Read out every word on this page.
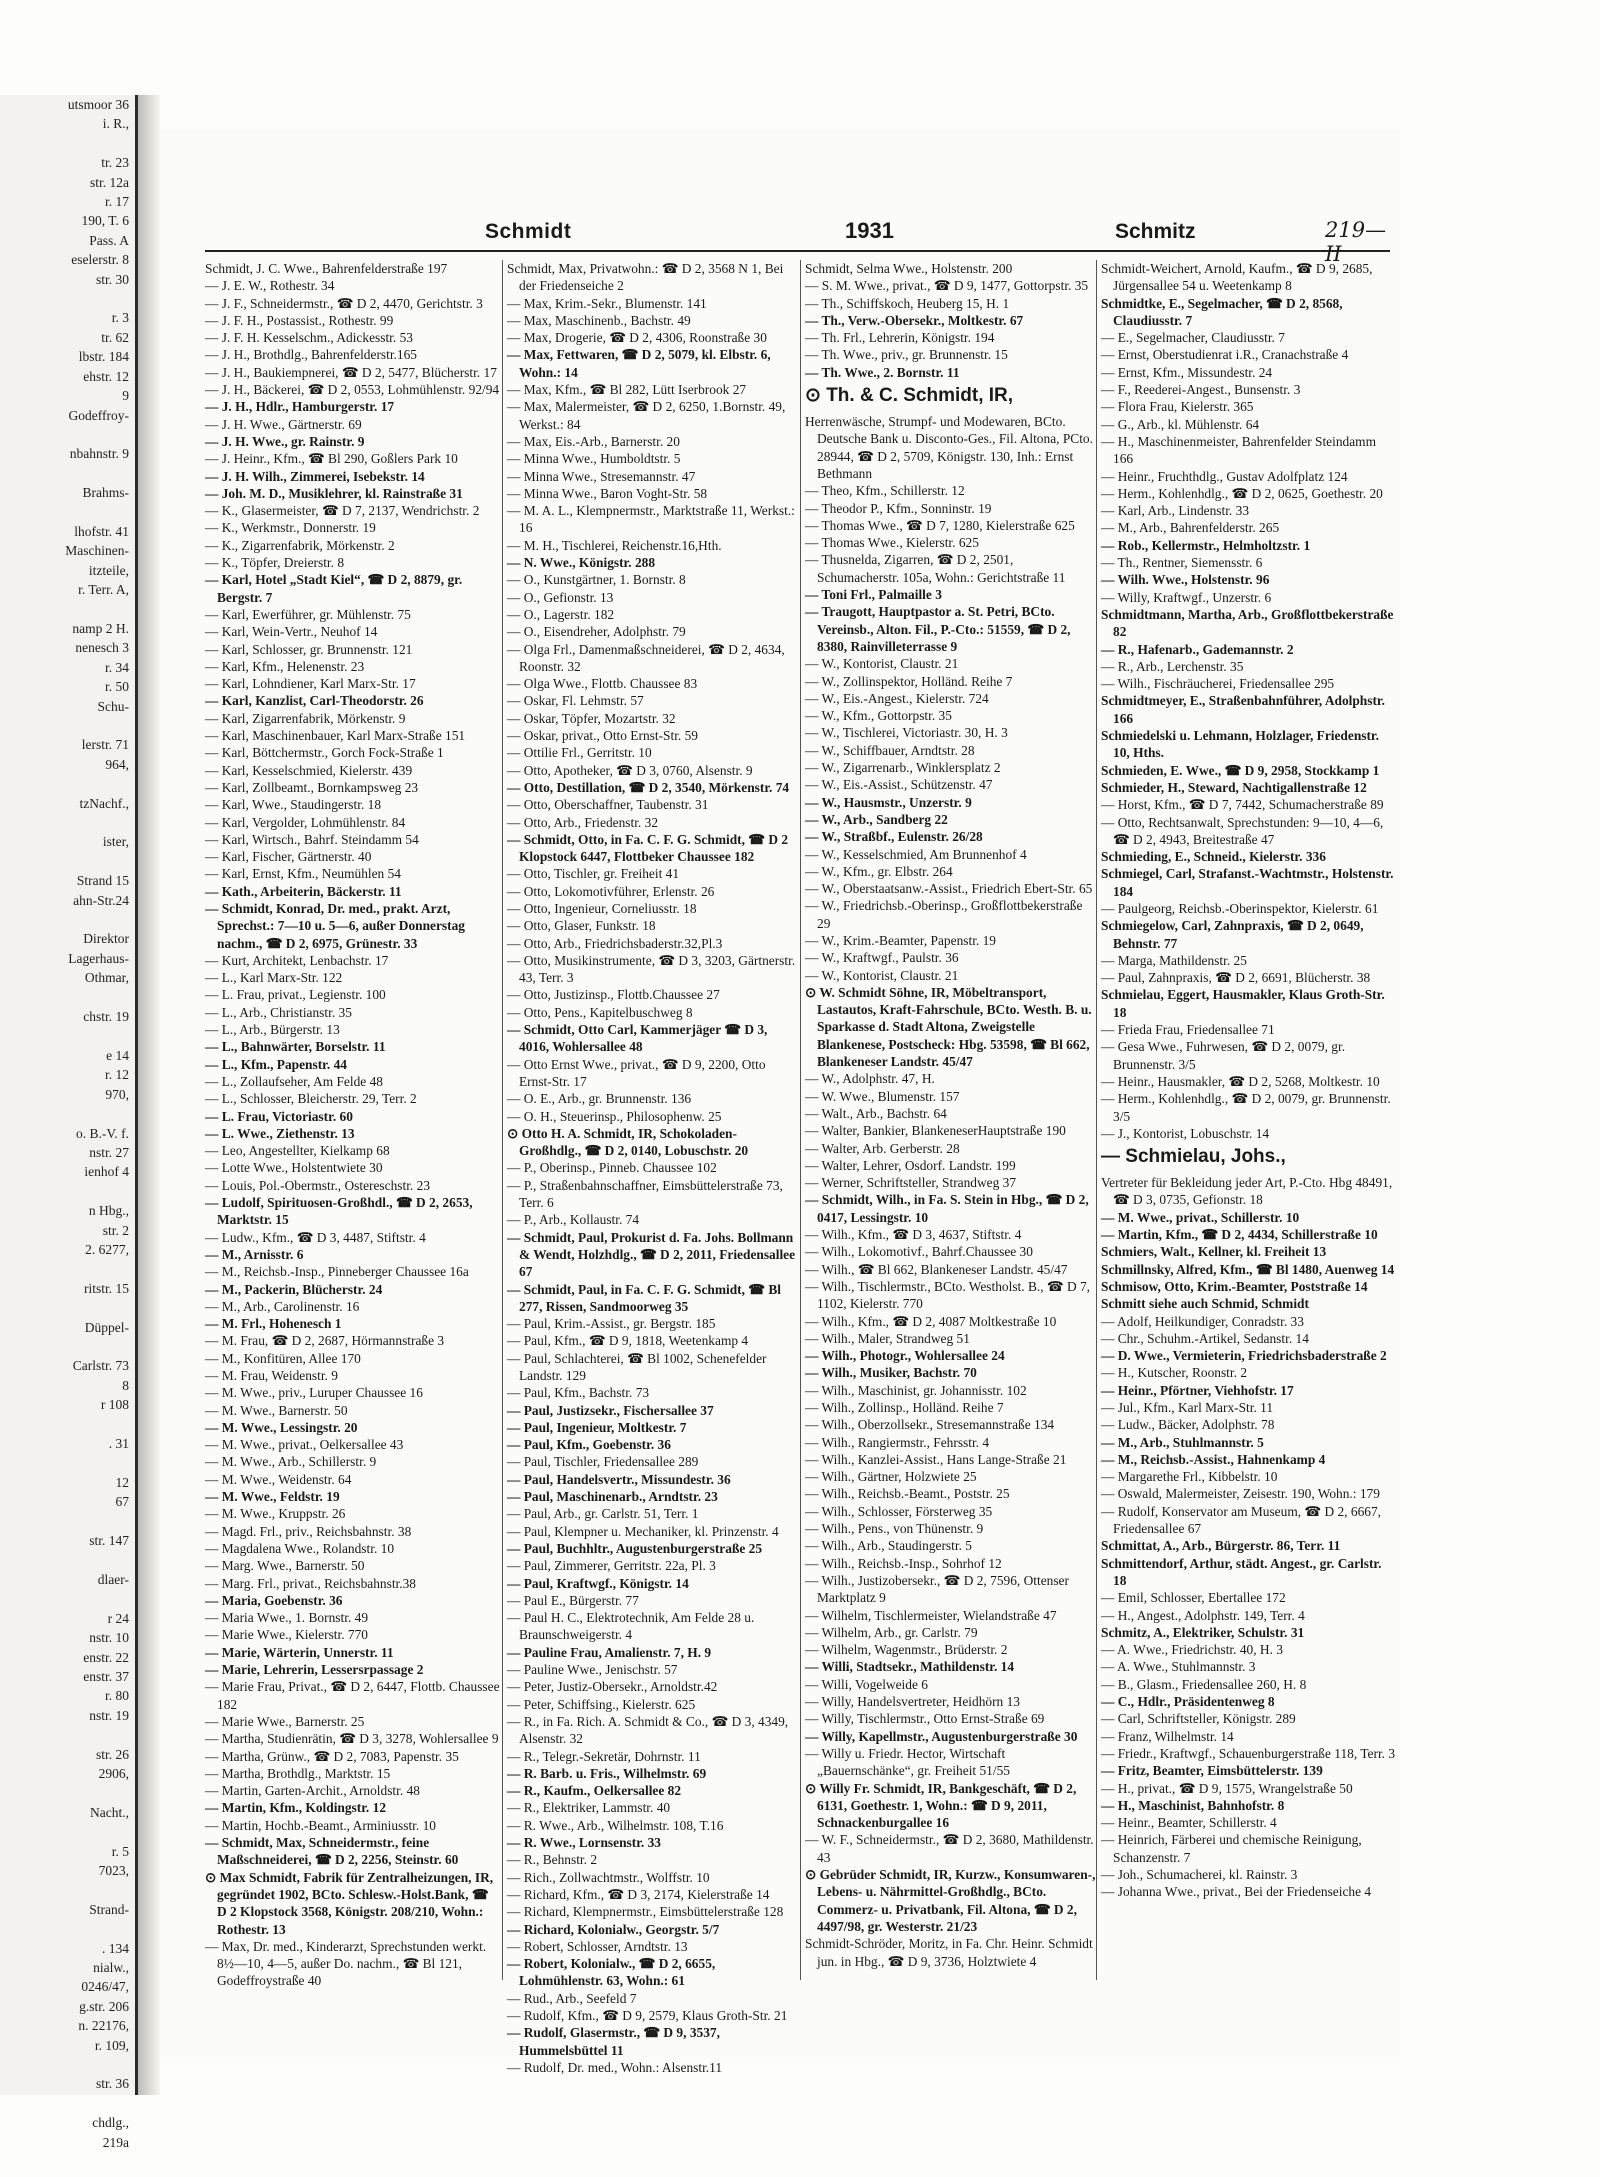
utsmoor 36
i. R.,

tr. 23
str. 12a
r. 17
190, T. 6
Pass. A
eselerstr. 8
str. 30

r. 3
tr. 62
lbstr. 184
ehstr. 12
9
Godeffroy-

nbahnstr. 9

Brahms-

lhofstr. 41
Maschinen-
itzteile,
r. Terr. A,

namp 2 H.
nenesch 3
r. 34
r. 50
Schu-

lerstr. 71
964,

tzNachf.,

ister,

Strand 15
ahn-Str.24

Direktor
Lagerhaus-
Othmar,

chstr. 19

e 14
r. 12
970,

o. B.-V. f.
nstr. 27
ienhof 4

n Hbg.,
str. 2
2. 6277,

ritstr. 15

Düppel-

Carlstr. 73
8
r 108

. 31

12
67

str. 147

dlaer-

r 24
nstr. 10
enstr. 22
enstr. 37
r. 80
nstr. 19

str. 26
2906,

Nacht.,

r. 5
7023,

Strand-

. 134
nialw.,
0246/47,
g.str. 206
n. 22176,
r. 109,

str. 36

chdlg.,
219a
Schmidt	1931	Schmitz	219—II
Schmidt, J. C. Wwe., Bahrenfelderstraße 197
— J. E. W., Rothestr. 34
— J. F., Schneidermstr., ☎ D 2, 4470, Gerichtstr. 3
— J. F. H., Postassist., Rothestr. 99
— J. F. H. Kesselschm., Adickesstr. 53
— J. H., Brothdlg., Bahrenfelderstr.165
— J. H., Baukiempnerei, ☎ D 2, 5477, Blücherstr. 17
— J. H., Bäckerei, ☎ D 2, 0553, Lohmühlenstr. 92/94
— J. H., Hdlr., Hamburgerstr. 17
— J. H. Wwe., Gärtnerstr. 69
— J. H. Wwe., gr. Rainstr. 9
— J. Heinr., Kfm., ☎ Bl 290, Goßlers Park 10
— J. H. Wilh., Zimmerei, Isebekstr. 14
— Joh. M. D., Musiklehrer, kl. Rainstraße 31
— K., Glasermeister, ☎ D 7, 2137, Wendrichstr. 2
— K., Werkmstr., Donnerstr. 19
— K., Zigarrenfabrik, Mörkenstr. 2
— K., Töpfer, Dreierstr. 8
— Karl, Hotel „Stadt Kiel“, ☎ D 2, 8879, gr. Bergstr. 7
— Karl, Ewerführer, gr. Mühlenstr. 75
— Karl, Wein-Vertr., Neuhof 14
— Karl, Schlosser, gr. Brunnenstr. 121
— Karl, Kfm., Helenenstr. 23
— Karl, Lohndiener, Karl Marx-Str. 17
— Karl, Kanzlist, Carl-Theodorstr. 26
— Karl, Zigarrenfabrik, Mörkenstr. 9
— Karl, Maschinenbauer, Karl Marx-Straße 151
— Karl, Böttchermstr., Gorch Fock-Straße 1
— Karl, Kesselschmied, Kielerstr. 439
— Karl, Zollbeamt., Bornkampsweg 23
— Karl, Wwe., Staudingerstr. 18
— Karl, Vergolder, Lohmühlenstr. 84
— Karl, Wirtsch., Bahrf. Steindamm 54
— Karl, Fischer, Gärtnerstr. 40
— Karl, Ernst, Kfm., Neumühlen 54
— Kath., Arbeiterin, Bäckerstr. 11
— Schmidt, Konrad, Dr. med., prakt. Arzt, Sprechst.: 7—10 u. 5—6, außer Donnerstag nachm., ☎ D 2, 6975, Grünestr. 33
— Kurt, Architekt, Lenbachstr. 17
— L., Karl Marx-Str. 122
— L. Frau, privat., Legienstr. 100
— L., Arb., Christianstr. 35
— L., Arb., Bürgerstr. 13
— L., Bahnwärter, Borselstr. 11
— L., Kfm., Papenstr. 44
— L., Zollaufseher, Am Felde 48
— L., Schlosser, Bleicherstr. 29, Terr. 2
— L. Frau, Victoriastr. 60
— L. Wwe., Ziethenstr. 13
— Leo, Angestellter, Kielkamp 68
— Lotte Wwe., Holstentwiete 30
— Louis, Pol.-Obermstr., Ostereschstr. 23
— Ludolf, Spirituosen-Großhdl., ☎ D 2, 2653, Marktstr. 15
— Ludw., Kfm., ☎ D 3, 4487, Stiftstr. 4
— M., Arnisstr. 6
— M., Reichsb.-Insp., Pinneberger Chaussee 16a
— M., Packerin, Blücherstr. 24
— M., Arb., Carolinenstr. 16
— M. Frl., Hohenesch 1
— M. Frau, ☎ D 2, 2687, Hörmannstraße 3
— M., Konfitüren, Allee 170
— M. Frau, Weidenstr. 9
— M. Wwe., priv., Luruper Chaussee 16
— M. Wwe., Barnerstr. 50
— M. Wwe., Lessingstr. 20
— M. Wwe., privat., Oelkersallee 43
— M. Wwe., Arb., Schillerstr. 9
— M. Wwe., Weidenstr. 64
— M. Wwe., Feldstr. 19
— M. Wwe., Kruppstr. 26
— Magd. Frl., priv., Reichsbahnstr. 38
— Magdalena Wwe., Rolandstr. 10
— Marg. Wwe., Barnerstr. 50
— Marg. Frl., privat., Reichsbahnstr.38
— Maria, Goebenstr. 36
— Maria Wwe., 1. Bornstr. 49
— Marie Wwe., Kielerstr. 770
— Marie, Wärterin, Unnerstr. 11
— Marie, Lehrerin, Lessersrpassage 2
— Marie Frau, Privat., ☎ D 2, 6447, Flottb. Chaussee 182
— Marie Wwe., Barnerstr. 25
— Martha, Studienrätin, ☎ D 3, 3278, Wohlersallee 9
— Martha, Grünw., ☎ D 2, 7083, Papenstr. 35
— Martha, Brothdlg., Marktstr. 15
— Martin, Garten-Archit., Arnoldstr. 48
— Martin, Kfm., Koldingstr. 12
— Martin, Hochb.-Beamt., Arminiusstr. 10
— Schmidt, Max, Schneidermstr., feine Maßschneiderei, ☎ D 2, 2256, Steinstr. 60
⊙ Max Schmidt, Fabrik für Zentralheizungen, IR, gegründet 1902, BCto. Schlesw.-Holst.Bank, ☎ D 2 Klopstock 3568, Königstr. 208/210, Wohn.: Rothestr. 13
— Max, Dr. med., Kinderarzt, Sprechstunden werkt. 8½—10, 4—5, außer Do. nachm., ☎ Bl 121, Godeffroystraße 40
Schmidt, Max, Privatwohn.: ☎ D 2, 3568 N 1, Bei der Friedenseiche 2
— Max, Krim.-Sekr., Blumenstr. 141
— Max, Maschinenb., Bachstr. 49
— Max, Drogerie, ☎ D 2, 4306, Roonstraße 30
— Max, Fettwaren, ☎ D 2, 5079, kl. Elbstr. 6, Wohn.: 14
— Max, Kfm., ☎ Bl 282, Lütt Iserbrook 27
— Max, Malermeister, ☎ D 2, 6250, 1.Bornstr. 49, Werkst.: 84
— Max, Eis.-Arb., Barnerstr. 20
— Minna Wwe., Humboldtstr. 5
— Minna Wwe., Stresemannstr. 47
— Minna Wwe., Baron Voght-Str. 58
— M. A. L., Klempnermstr., Marktstraße 11, Werkst.: 16
— M. H., Tischlerei, Reichenstr.16,Hth.
— N. Wwe., Königstr. 288
— O., Kunstgärtner, 1. Bornstr. 8
— O., Gefionstr. 13
— O., Lagerstr. 182
— O., Eisendreher, Adolphstr. 79
— Olga Frl., Damenmaßschneiderei, ☎ D 2, 4634, Roonstr. 32
— Olga Wwe., Flottb. Chaussee 83
— Oskar, Fl. Lehmstr. 57
— Oskar, Töpfer, Mozartstr. 32
— Oskar, privat., Otto Ernst-Str. 59
— Ottilie Frl., Gerritstr. 10
— Otto, Apotheker, ☎ D 3, 0760, Alsenstr. 9
— Otto, Destillation, ☎ D 2, 3540, Mörkenstr. 74
— Otto, Oberschaffner, Taubenstr. 31
— Otto, Arb., Friedenstr. 32
— Schmidt, Otto, in Fa. C. F. G. Schmidt, ☎ D 2 Klopstock 6447, Flottbeker Chaussee 182
— Otto, Tischler, gr. Freiheit 41
— Otto, Lokomotivführer, Erlenstr. 26
— Otto, Ingenieur, Corneliusstr. 18
— Otto, Glaser, Funkstr. 18
— Otto, Arb., Friedrichsbaderstr.32,Pl.3
— Otto, Musikinstrumente, ☎ D 3, 3203, Gärtnerstr. 43, Terr. 3
— Otto, Justizinsp., Flottb.Chaussee 27
— Otto, Pens., Kapitelbuschweg 8
— Schmidt, Otto Carl, Kammerjäger ☎ D 3, 4016, Wohlersallee 48
— Otto Ernst Wwe., privat., ☎ D 9, 2200, Otto Ernst-Str. 17
— O. E., Arb., gr. Brunnenstr. 136
— O. H., Steuerinsp., Philosophenw. 25
⊙ Otto H. A. Schmidt, IR, Schokoladen-Großhdlg., ☎ D 2, 0140, Lobuschstr. 20
— P., Oberinsp., Pinneb. Chaussee 102
— P., Straßenbahnschaffner, Eimsbüttelerstraße 73, Terr. 6
— P., Arb., Kollaustr. 74
— Schmidt, Paul, Prokurist d. Fa. Johs. Bollmann & Wendt, Holzhdlg., ☎ D 2, 2011, Friedensallee 67
— Schmidt, Paul, in Fa. C. F. G. Schmidt, ☎ Bl 277, Rissen, Sandmoorweg 35
— Paul, Krim.-Assist., gr. Bergstr. 185
— Paul, Kfm., ☎ D 9, 1818, Weetenkamp 4
— Paul, Schlachterei, ☎ Bl 1002, Schenefelder Landstr. 129
— Paul, Kfm., Bachstr. 73
— Paul, Justizsekr., Fischersallee 37
— Paul, Ingenieur, Moltkestr. 7
— Paul, Kfm., Goebenstr. 36
— Paul, Tischler, Friedensallee 289
— Paul, Handelsvertr., Missundestr. 36
— Paul, Maschinenarb., Arndtstr. 23
— Paul, Arb., gr. Carlstr. 51, Terr. 1
— Paul, Klempner u. Mechaniker, kl. Prinzenstr. 4
— Paul, Buchhltr., Augustenburgerstraße 25
— Paul, Zimmerer, Gerritstr. 22a, Pl. 3
— Paul, Kraftwgf., Königstr. 14
— Paul E., Bürgerstr. 77
— Paul H. C., Elektrotechnik, Am Felde 28 u. Braunschweigerstr. 4
— Pauline Frau, Amalienstr. 7, H. 9
— Pauline Wwe., Jenischstr. 57
— Peter, Justiz-Obersekr., Arnoldstr.42
— Peter, Schiffsing., Kielerstr. 625
— R., in Fa. Rich. A. Schmidt & Co., ☎ D 3, 4349, Alsenstr. 32
— R., Telegr.-Sekretär, Dohrnstr. 11
— R. Barb. u. Fris., Wilhelmstr. 69
— R., Kaufm., Oelkersallee 82
— R., Elektriker, Lammstr. 40
— R. Wwe., Arb., Wilhelmstr. 108, T.16
— R. Wwe., Lornsenstr. 33
— R., Behnstr. 2
— Rich., Zollwachtmstr., Wolffstr. 10
— Richard, Kfm., ☎ D 3, 2174, Kielerstraße 14
— Richard, Klempnermstr., Eimsbüttelerstraße 128
— Richard, Kolonialw., Georgstr. 5/7
— Robert, Schlosser, Arndtstr. 13
— Robert, Kolonialw., ☎ D 2, 6655, Lohmühlenstr. 63, Wohn.: 61
— Rud., Arb., Seefeld 7
— Rudolf, Kfm., ☎ D 9, 2579, Klaus Groth-Str. 21
— Rudolf, Glasermstr., ☎ D 9, 3537, Hummelsbüttel 11
— Rudolf, Dr. med., Wohn.: Alsenstr.11
Schmidt, Selma Wwe., Holstenstr. 200
— S. M. Wwe., privat., ☎ D 9, 1477, Gottorpstr. 35
— Th., Schiffskoch, Heuberg 15, H. 1
— Th., Verw.-Obersekr., Moltkestr. 67
— Th. Frl., Lehrerin, Königstr. 194
— Th. Wwe., priv., gr. Brunnenstr. 15
— Th. Wwe., 2. Bornstr. 11
⊙ Th. & C. Schmidt, IR,
Herrenwäsche, Strumpf- und Modewaren, BCto. Deutsche Bank u. Disconto-Ges., Fil. Altona, PCto. 28944, ☎ D 2, 5709, Königstr. 130, Inh.: Ernst Bethmann
— Theo, Kfm., Schillerstr. 12
— Theodor P., Kfm., Sonninstr. 19
— Thomas Wwe., ☎ D 7, 1280, Kielerstraße 625
— Thomas Wwe., Kielerstr. 625
— Thusnelda, Zigarren, ☎ D 2, 2501, Schumacherstr. 105a, Wohn.: Gerichtstraße 11
— Toni Frl., Palmaille 3
— Traugott, Hauptpastor a. St. Petri, BCto. Vereinsb., Alton. Fil., P.-Cto.: 51559, ☎ D 2, 8380, Rainvilleterrasse 9
— W., Kontorist, Claustr. 21
— W., Zollinspektor, Holländ. Reihe 7
— W., Eis.-Angest., Kielerstr. 724
— W., Kfm., Gottorpstr. 35
— W., Tischlerei, Victoriastr. 30, H. 3
— W., Schiffbauer, Arndtstr. 28
— W., Zigarrenarb., Winklersplatz 2
— W., Eis.-Assist., Schützenstr. 47
— W., Hausmstr., Unzerstr. 9
— W., Arb., Sandberg 22
— W., Straßbf., Eulenstr. 26/28
— W., Kesselschmied, Am Brunnenhof 4
— W., Kfm., gr. Elbstr. 264
— W., Oberstaatsanw.-Assist., Friedrich Ebert-Str. 65
— W., Friedrichsb.-Oberinsp., Großflottbekerstraße 29
— W., Krim.-Beamter, Papenstr. 19
— W., Kraftwgf., Paulstr. 36
— W., Kontorist, Claustr. 21
⊙ W. Schmidt Söhne, IR, Möbeltransport, Lastautos, Kraft-Fahrschule, BCto. Westh. B. u. Sparkasse d. Stadt Altona, Zweigstelle Blankenese, Postscheck: Hbg. 53598, ☎ Bl 662, Blankeneser Landstr. 45/47
— W., Adolphstr. 47, H.
— W. Wwe., Blumenstr. 157
— Walt., Arb., Bachstr. 64
— Walter, Bankier, BlankeneserHauptstraße 190
— Walter, Arb. Gerberstr. 28
— Walter, Lehrer, Osdorf. Landstr. 199
— Werner, Schriftsteller, Strandweg 37
— Schmidt, Wilh., in Fa. S. Stein in Hbg., ☎ D 2, 0417, Lessingstr. 10
— Wilh., Kfm., ☎ D 3, 4637, Stiftstr. 4
— Wilh., Lokomotivf., Bahrf.Chaussee 30
— Wilh., ☎ Bl 662, Blankeneser Landstr. 45/47
— Wilh., Tischlermstr., BCto. Westholst. B., ☎ D 7, 1102, Kielerstr. 770
— Wilh., Kfm., ☎ D 2, 4087 Moltkestraße 10
— Wilh., Maler, Strandweg 51
— Wilh., Photogr., Wohlersallee 24
— Wilh., Musiker, Bachstr. 70
— Wilh., Maschinist, gr. Johannisstr. 102
— Wilh., Zollinsp., Holländ. Reihe 7
— Wilh., Oberzollsekr., Stresemannstraße 134
— Wilh., Rangiermstr., Fehrsstr. 4
— Wilh., Kanzlei-Assist., Hans Lange-Straße 21
— Wilh., Gärtner, Holzwiete 25
— Wilh., Reichsb.-Beamt., Poststr. 25
— Wilh., Schlosser, Försterweg 35
— Wilh., Pens., von Thünenstr. 9
— Wilh., Arb., Staudingerstr. 5
— Wilh., Reichsb.-Insp., Sohrhof 12
— Wilh., Justizobersekr., ☎ D 2, 7596, Ottenser Marktplatz 9
— Wilhelm, Tischlermeister, Wielandstraße 47
— Wilhelm, Arb., gr. Carlstr. 79
— Wilhelm, Wagenmstr., Brüderstr. 2
— Willi, Stadtsekr., Mathildenstr. 14
— Willi, Vogelweide 6
— Willy, Handelsvertreter, Heidhörn 13
— Willy, Tischlermstr., Otto Ernst-Straße 69
— Willy, Kapellmstr., Augustenburgerstraße 30
— Willy u. Friedr. Hector, Wirtschaft „Bauernschänke“, gr. Freiheit 51/55
⊙ Willy Fr. Schmidt, IR, Bankgeschäft, ☎ D 2, 6131, Goethestr. 1, Wohn.: ☎ D 9, 2011, Schnackenburgallee 16
— W. F., Schneidermstr., ☎ D 2, 3680, Mathildenstr. 43
⊙ Gebrüder Schmidt, IR, Kurzw., Konsumwaren-, Lebens- u. Nährmittel-Großhdlg., BCto. Commerz- u. Privatbank, Fil. Altona, ☎ D 2, 4497/98, gr. Westerstr. 21/23
Schmidt-Schröder, Moritz, in Fa. Chr. Heinr. Schmidt jun. in Hbg., ☎ D 9, 3736, Holztwiete 4
Schmidt-Weichert, Arnold, Kaufm., ☎ D 9, 2685, Jürgensallee 54 u. Weetenkamp 8
Schmidtke, E., Segelmacher, ☎ D 2, 8568, Claudiusstr. 7
— E., Segelmacher, Claudiusstr. 7
— Ernst, Oberstudienrat i.R., Cranachstraße 4
— Ernst, Kfm., Missundestr. 24
— F., Reederei-Angest., Bunsenstr. 3
— Flora Frau, Kielerstr. 365
— G., Arb., kl. Mühlenstr. 64
— H., Maschinenmeister, Bahrenfelder Steindamm 166
— Heinr., Fruchthdlg., Gustav Adolfplatz 124
— Herm., Kohlenhdlg., ☎ D 2, 0625, Goethestr. 20
— Karl, Arb., Lindenstr. 33
— M., Arb., Bahrenfelderstr. 265
— Rob., Kellermstr., Helmholtzstr. 1
— Th., Rentner, Siemensstr. 6
— Wilh. Wwe., Holstenstr. 96
— Willy, Kraftwgf., Unzerstr. 6
Schmidtmann, Martha, Arb., Großflottbekerstraße 82
— R., Hafenarb., Gademannstr. 2
— R., Arb., Lerchenstr. 35
— Wilh., Fischräucherei, Friedensallee 295
Schmidtmeyer, E., Straßenbahnführer, Adolphstr. 166
Schmiedelski u. Lehmann, Holzlager, Friedenstr. 10, Hths.
Schmieden, E. Wwe., ☎ D 9, 2958, Stockkamp 1
Schmieder, H., Steward, Nachtigallenstraße 12
— Horst, Kfm., ☎ D 7, 7442, Schumacherstraße 89
— Otto, Rechtsanwalt, Sprechstunden: 9—10, 4—6, ☎ D 2, 4943, Breitestraße 47
Schmieding, E., Schneid., Kielerstr. 336
Schmiegel, Carl, Strafanst.-Wachtmstr., Holstenstr. 184
— Paulgeorg, Reichsb.-Oberinspektor, Kielerstr. 61
Schmiegelow, Carl, Zahnpraxis, ☎ D 2, 0649, Behnstr. 77
— Marga, Mathildenstr. 25
— Paul, Zahnpraxis, ☎ D 2, 6691, Blücherstr. 38
Schmielau, Eggert, Hausmakler, Klaus Groth-Str. 18
— Frieda Frau, Friedensallee 71
— Gesa Wwe., Fuhrwesen, ☎ D 2, 0079, gr. Brunnenstr. 3/5
— Heinr., Hausmakler, ☎ D 2, 5268, Moltkestr. 10
— Herm., Kohlenhdlg., ☎ D 2, 0079, gr. Brunnenstr. 3/5
— J., Kontorist, Lobuschstr. 14
— Schmielau, Johs.,
Vertreter für Bekleidung jeder Art, P.-Cto. Hbg 48491, ☎ D 3, 0735, Gefionstr. 18
— M. Wwe., privat., Schillerstr. 10
— Martin, Kfm., ☎ D 2, 4434, Schillerstraße 10
Schmiers, Walt., Kellner, kl. Freiheit 13
Schmillnsky, Alfred, Kfm., ☎ Bl 1480, Auenweg 14
Schmisow, Otto, Krim.-Beamter, Poststraße 14
Schmitt siehe auch Schmid, Schmidt
— Adolf, Heilkundiger, Conradstr. 33
— Chr., Schuhm.-Artikel, Sedanstr. 14
— D. Wwe., Vermieterin, Friedrichsbaderstraße 2
— H., Kutscher, Roonstr. 2
— Heinr., Pförtner, Viehhofstr. 17
— Jul., Kfm., Karl Marx-Str. 11
— Ludw., Bäcker, Adolphstr. 78
— M., Arb., Stuhlmannstr. 5
— M., Reichsb.-Assist., Hahnenkamp 4
— Margarethe Frl., Kibbelstr. 10
— Oswald, Malermeister, Zeisestr. 190, Wohn.: 179
— Rudolf, Konservator am Museum, ☎ D 2, 6667, Friedensallee 67
Schmittat, A., Arb., Bürgerstr. 86, Terr. 11
Schmittendorf, Arthur, städt. Angest., gr. Carlstr. 18
— Emil, Schlosser, Ebertallee 172
— H., Angest., Adolphstr. 149, Terr. 4
Schmitz, A., Elektriker, Schulstr. 31
— A. Wwe., Friedrichstr. 40, H. 3
— A. Wwe., Stuhlmannstr. 3
— B., Glasm., Friedensallee 260, H. 8
— C., Hdlr., Präsidentenweg 8
— Carl, Schriftsteller, Königstr. 289
— Franz, Wilhelmstr. 14
— Friedr., Kraftwgf., Schauenburgerstraße 118, Terr. 3
— Fritz, Beamter, Eimsbüttelerstr. 139
— H., privat., ☎ D 9, 1575, Wrangelstraße 50
— H., Maschinist, Bahnhofstr. 8
— Heinr., Beamter, Schillerstr. 4
— Heinrich, Färberei und chemische Reinigung, Schanzenstr. 7
— Joh., Schumacherei, kl. Rainstr. 3
— Johanna Wwe., privat., Bei der Friedenseiche 4
